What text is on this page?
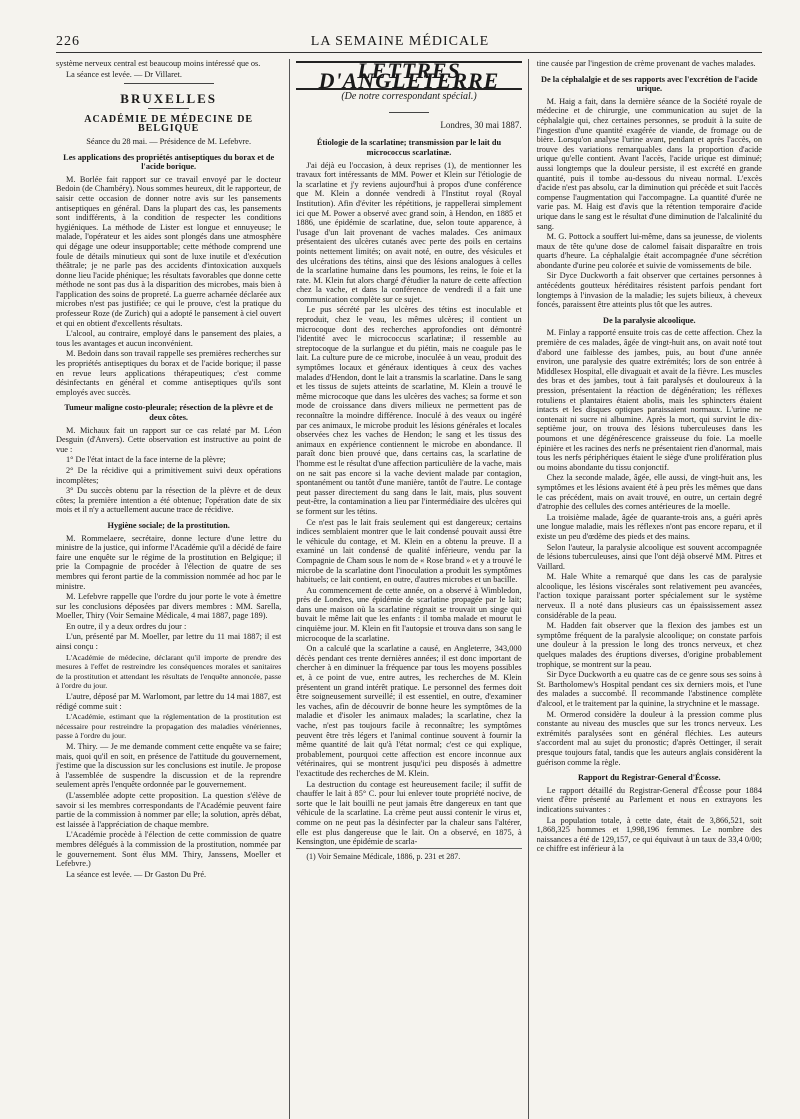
226	LA SEMAINE MÉDICALE

système nerveux central est beaucoup moins intéressé que os.

La séance est levée. — Dr Villaret.

BRUXELLES
ACADÉMIE DE MÉDECINE DE BELGIQUE

Séance du 28 mai. — Présidence de M. Lefebvre.

Les applications des propriétés antiseptiques du borax et de l'acide borique.

M. Borlée fait rapport sur ce travail envoyé par le docteur Bedoin (de Chambéry). Nous sommes heureux, dit le rapporteur, de saisir cette occasion de donner notre avis sur les pansements antiseptiques en général. Dans la plupart des cas, les pansements sont indifférents, à la condition de respecter les conditions hygiéniques. La méthode de Lister est longue et ennuyeuse; le malade, l'opérateur et les aides sont plongés dans une atmosphère qui dégage une odeur insupportable; cette méthode comprend une foule de détails minutieux qui sont de luxe inutile et d'exécution théâtrale; je ne parle pas des accidents d'intoxication auxquels donne lieu l'acide phénique; les résultats favorables que donne cette méthode ne sont pas dus à la disparition des microbes, mais bien à l'application des soins de propreté. La guerre acharnée déclarée aux microbes n'est pas justifiée; ce qui le prouve, c'est la pratique du professeur Roze (de Zurich) qui a adopté le pansement à ciel ouvert et qui en obtient d'excellents résultats.

L'alcool, au contraire, employé dans le pansement des plaies, a tous les avantages et aucun inconvénient.

M. Bedoin dans son travail rappelle ses premières recherches sur les propriétés antiseptiques du borax et de l'acide borique; il passe en revue leurs applications thérapeutiques; c'est comme désinfectants en général et comme antiseptiques qu'ils sont employés avec succès.

Tumeur maligne costo-pleurale; résection de la plèvre et de deux côtes.

M. Michaux fait un rapport sur ce cas relaté par M. Léon Desguin (d'Anvers). Cette observation est instructive au point de vue :

1° De l'état intact de la face interne de la plèvre;

2° De la récidive qui a primitivement suivi deux opérations incomplètes;

3° Du succès obtenu par la résection de la plèvre et de deux côtes; la première intention a été obtenue; l'opération date de six mois et il n'y a actuellement aucune trace de récidive.

Hygiène sociale; de la prostitution.

M. Rommelaere, secrétaire, donne lecture d'une lettre du ministre de la justice, qui informe l'Académie qu'il a décidé de faire faire une enquête sur le régime de la prostitution en Belgique; il prie la Compagnie de procéder à l'élection de quatre de ses membres qui feront partie de la commission nommée ad hoc par le ministre.

M. Lefebvre rappelle que l'ordre du jour porte le vote à émettre sur les conclusions déposées par divers membres : MM. Sarella, Moeller, Thiry (Voir Semaine Médicale, 4 mai 1887, page 189).

En outre, il y a deux ordres du jour :

L'un, présenté par M. Moeller, par lettre du 11 mai 1887; il est ainsi conçu :

L'Académie de médecine, déclarant qu'il importe de prendre des mesures à l'effet de restreindre les conséquences morales et sanitaires de la prostitution et attendant les résultats de l'enquête annoncée, passe à l'ordre du jour.

L'autre, déposé par M. Warlomont, par lettre du 14 mai 1887, est rédigé comme suit :

L'Académie, estimant que la réglementation de la prostitution est nécessaire pour restreindre la propagation des maladies vénériennes, passe à l'ordre du jour.

M. Thiry. — Je me demande comment cette enquête va se faire; mais, quoi qu'il en soit, en présence de l'attitude du gouvernement, j'estime que la discussion sur les conclusions est inutile. Je propose à l'assemblée de suspendre la discussion et de la reprendre seulement après l'enquête ordonnée par le gouvernement.

(L'assemblée adopte cette proposition. La question s'élève de savoir si les membres correspondants de l'Académie peuvent faire partie de la commission à nommer par elle; la solution, après débat, est laissée à l'appréciation de chaque membre.

L'Académie procède à l'élection de cette commission de quatre membres délégués à la commission de la prostitution, nommée par le gouvernement. Sont élus MM. Thiry, Janssens, Moeller et Lefebvre.)

La séance est levée. — Dr Gaston Du Pré.

LETTRES D'ANGLETERRE
(De notre correspondant spécial.)
Londres, 30 mai 1887.
Étiologie de la scarlatine; transmission par le lait du micrococcus scarlatinæ.

J'ai déjà eu l'occasion, à deux reprises (1), de mentionner les travaux fort intéressants de MM. Power et Klein sur l'étiologie de la scarlatine et j'y reviens aujourd'hui à propos d'une conférence que M. Klein a donnée vendredi à l'Institut royal (Royal Institution). Afin d'éviter les répétitions, je rappellerai simplement ici que M. Power a observé avec grand soin, à Hendon, en 1885 et 1886, une épidémie de scarlatine, due, selon toute apparence, à l'usage d'un lait provenant de vaches malades. Ces animaux présentaient des ulcères cutanés avec perte des poils en certains points nettement limités; on avait noté, en outre, des vésicules et des ulcérations des tétins, ainsi que des lésions analogues à celles de la scarlatine humaine dans les poumons, les reins, le foie et la rate. M. Klein fut alors chargé d'étudier la nature de cette affection chez la vache, et dans la conférence de vendredi il a fait une communication complète sur ce sujet.

Le pus sécrété par les ulcères des tétins est inoculable et reproduit, chez le veau, les mêmes ulcères; il contient un microcoque dont des recherches approfondies ont démontré l'identité avec le micrococcus scarlatinæ; il ressemble au streptocoque de la surlangue et du piétin, mais ne coagule pas le lait. La culture pure de ce microbe, inoculée à un veau, produit des symptômes locaux et généraux identiques à ceux des vaches malades d'Hendon, dont le lait a transmis la scarlatine. Dans le sang et les tissus de sujets atteints de scarlatine, M. Klein a trouvé le même microcoque que dans les ulcères des vaches; sa forme et son mode de croissance dans divers milieux ne permettent pas de reconnaître la moindre différence. Inoculé à des veaux ou ingéré par ces animaux, le microbe produit les lésions générales et locales observées chez les vaches de Hendon; le sang et les tissus des animaux en expérience contiennent le microbe en abondance. Il paraît donc bien prouvé que, dans certains cas, la scarlatine de l'homme est le résultat d'une affection particulière de la vache, mais on ne sait pas encore si la vache devient malade par contagion, spontanément ou tantôt d'une manière, tantôt de l'autre. Le contage peut passer directement du sang dans le lait, mais, plus souvent peut-être, la contamination a lieu par l'intermédiaire des ulcères qui se forment sur les tétins.

Ce n'est pas le lait frais seulement qui est dangereux; certains indices semblaient montrer que le lait condensé pouvait aussi être le véhicule du contage, et M. Klein en a obtenu la preuve. Il a examiné un lait condensé de qualité inférieure, vendu par la Compagnie de Cham sous le nom de « Rose brand » et y a trouvé le microbe de la scarlatine dont l'inoculation a produit les symptômes habituels; ce lait contient, en outre, d'autres microbes et un bacille.

Au commencement de cette année, on a observé à Wimbledon, près de Londres, une épidémie de scarlatine propagée par le lait; dans une maison où la scarlatine régnait se trouvait un singe qui buvait le même lait que les enfants : il tomba malade et mourut le cinquième jour. M. Klein en fit l'autopsie et trouva dans son sang le microcoque de la scarlatine.

On a calculé que la scarlatine a causé, en Angleterre, 343,000 décès pendant ces trente dernières années; il est donc important de chercher à en diminuer la fréquence par tous les moyens possibles et, à ce point de vue, entre autres, les recherches de M. Klein présentent un grand intérêt pratique. Le personnel des fermes doit être soigneusement surveillé; il est essentiel, en outre, d'examiner les vaches, afin de découvrir de bonne heure les symptômes de la maladie et d'isoler les animaux malades; la scarlatine, chez la vache, n'est pas toujours facile à reconnaître; les symptômes peuvent être très légers et l'animal continue souvent à fournir la même quantité de lait qu'à l'état normal; c'est ce qui explique, probablement, pourquoi cette affection est encore inconnue aux vétérinaires, qui se montrent jusqu'ici peu disposés à admettre l'exactitude des recherches de M. Klein.

La destruction du contage est heureusement facile; il suffit de chauffer le lait à 85° C. pour lui enlever toute propriété nocive, de sorte que le lait bouilli ne peut jamais être dangereux en tant que véhicule de la scarlatine. La crème peut aussi contenir le virus et, comme on ne peut pas la désinfecter par la chaleur sans l'altérer, elle est plus dangereuse que le lait. On a observé, en 1875, à Kensington, une épidémie de scarla-

(1) Voir Semaine Médicale, 1886, p. 231 et 287.

tine causée par l'ingestion de crème provenant de vaches malades.

De la céphalalgie et de ses rapports avec l'excrétion de l'acide urique.

M. Haig a fait, dans la dernière séance de la Société royale de médecine et de chirurgie, une communication au sujet de la céphalalgie qui, chez certaines personnes, se produit à la suite de l'ingestion d'une quantité exagérée de viande, de fromage ou de bière. Lorsqu'on analyse l'urine avant, pendant et après l'accès, on trouve des variations remarquables dans la proportion d'acide urique qu'elle contient. Avant l'accès, l'acide urique est diminué; aussi longtemps que la douleur persiste, il est excrété en grande quantité, puis il tombe au-dessous du niveau normal. L'excès d'acide n'est pas absolu, car la diminution qui précède et suit l'accès compense l'augmentation qui l'accompagne. La quantité d'urée ne varie pas. M. Haig est d'avis que la rétention temporaire d'acide urique dans le sang est le résultat d'une diminution de l'alcalinité du sang.

M. G. Pottock a souffert lui-même, dans sa jeunesse, de violents maux de tête qu'une dose de calomel faisait disparaître en trois quarts d'heure. La céphalalgie était accompagnée d'une sécrétion abondante d'urine peu colorée et suivie de vomissements de bile.

Sir Dyce Duckworth a fait observer que certaines personnes à antécédents goutteux héréditaires résistent parfois pendant fort longtemps à l'invasion de la maladie; les sujets bilieux, à cheveux foncés, paraissent être atteints plus tôt que les autres.

De la paralysie alcoolique.

M. Finlay a rapporté ensuite trois cas de cette affection. Chez la première de ces malades, âgée de vingt-huit ans, on avait noté tout d'abord une faiblesse des jambes, puis, au bout d'une année environ, une paralysie des quatre extrémités; lors de son entrée à Middlesex Hospital, elle divaguait et avait de la fièvre. Les muscles des bras et des jambes, tout à fait paralysés et douloureux à la pression, présentaient la réaction de dégénération; les réflexes rotuliens et plantaires étaient abolis, mais les sphincters étaient intacts et les disques optiques paraissaient normaux. L'urine ne contenait ni sucre ni albumine. Après la mort, qui survint le dix-septième jour, on trouva des lésions tuberculeuses dans les poumons et une dégénérescence graisseuse du foie. La moelle épinière et les racines des nerfs ne présentaient rien d'anormal, mais tous les nerfs périphériques étaient le siège d'une prolifération plus ou moins abondante du tissu conjonctif.

Chez la seconde malade, âgée, elle aussi, de vingt-huit ans, les symptômes et les lésions avaient été à peu près les mêmes que dans le cas précédent, mais on avait trouvé, en outre, un certain degré d'atrophie des cellules des cornes antérieures de la moelle.

La troisième malade, âgée de quarante-trois ans, a guéri après une longue maladie, mais les réflexes n'ont pas encore reparu, et il existe un peu d'œdème des pieds et des mains.

Selon l'auteur, la paralysie alcoolique est souvent accompagnée de lésions tuberculeuses, ainsi que l'ont déjà observé MM. Pitres et Vaillard.

M. Hale White a remarqué que dans les cas de paralysie alcoolique, les lésions viscérales sont relativement peu avancées, l'action toxique paraissant porter spécialement sur le système nerveux. Il a noté dans plusieurs cas un épaississement assez considérable de la peau.

M. Hadden fait observer que la flexion des jambes est un symptôme fréquent de la paralysie alcoolique; on constate parfois une douleur à la pression le long des troncs nerveux, et chez quelques malades des éruptions diverses, d'origine probablement trophique, se montrent sur la peau.

Sir Dyce Duckworth a eu quatre cas de ce genre sous ses soins à St. Bartholomew's Hospital pendant ces six derniers mois, et l'une des malades a succombé. Il recommande l'abstinence complète d'alcool, et le traitement par la quinine, la strychnine et le massage.

M. Ormerod considère la douleur à la pression comme plus constante au niveau des muscles que sur les troncs nerveux. Les extrémités paralysées sont en général fléchies. Les auteurs s'accordent mal au sujet du pronostic; d'après Oettinger, il serait presque toujours fatal, tandis que les auteurs anglais considèrent la guérison comme la règle.

Rapport du Registrar-General d'Écosse.

Le rapport détaillé du Registrar-General d'Écosse pour 1884 vient d'être présenté au Parlement et nous en extrayons les indications suivantes :

La population totale, à cette date, était de 3,866,521, soit 1,868,325 hommes et 1,998,196 femmes. Le nombre des naissances a été de 129,157, ce qui équivaut à un taux de 33,4 0/00; ce chiffre est inférieur à la
